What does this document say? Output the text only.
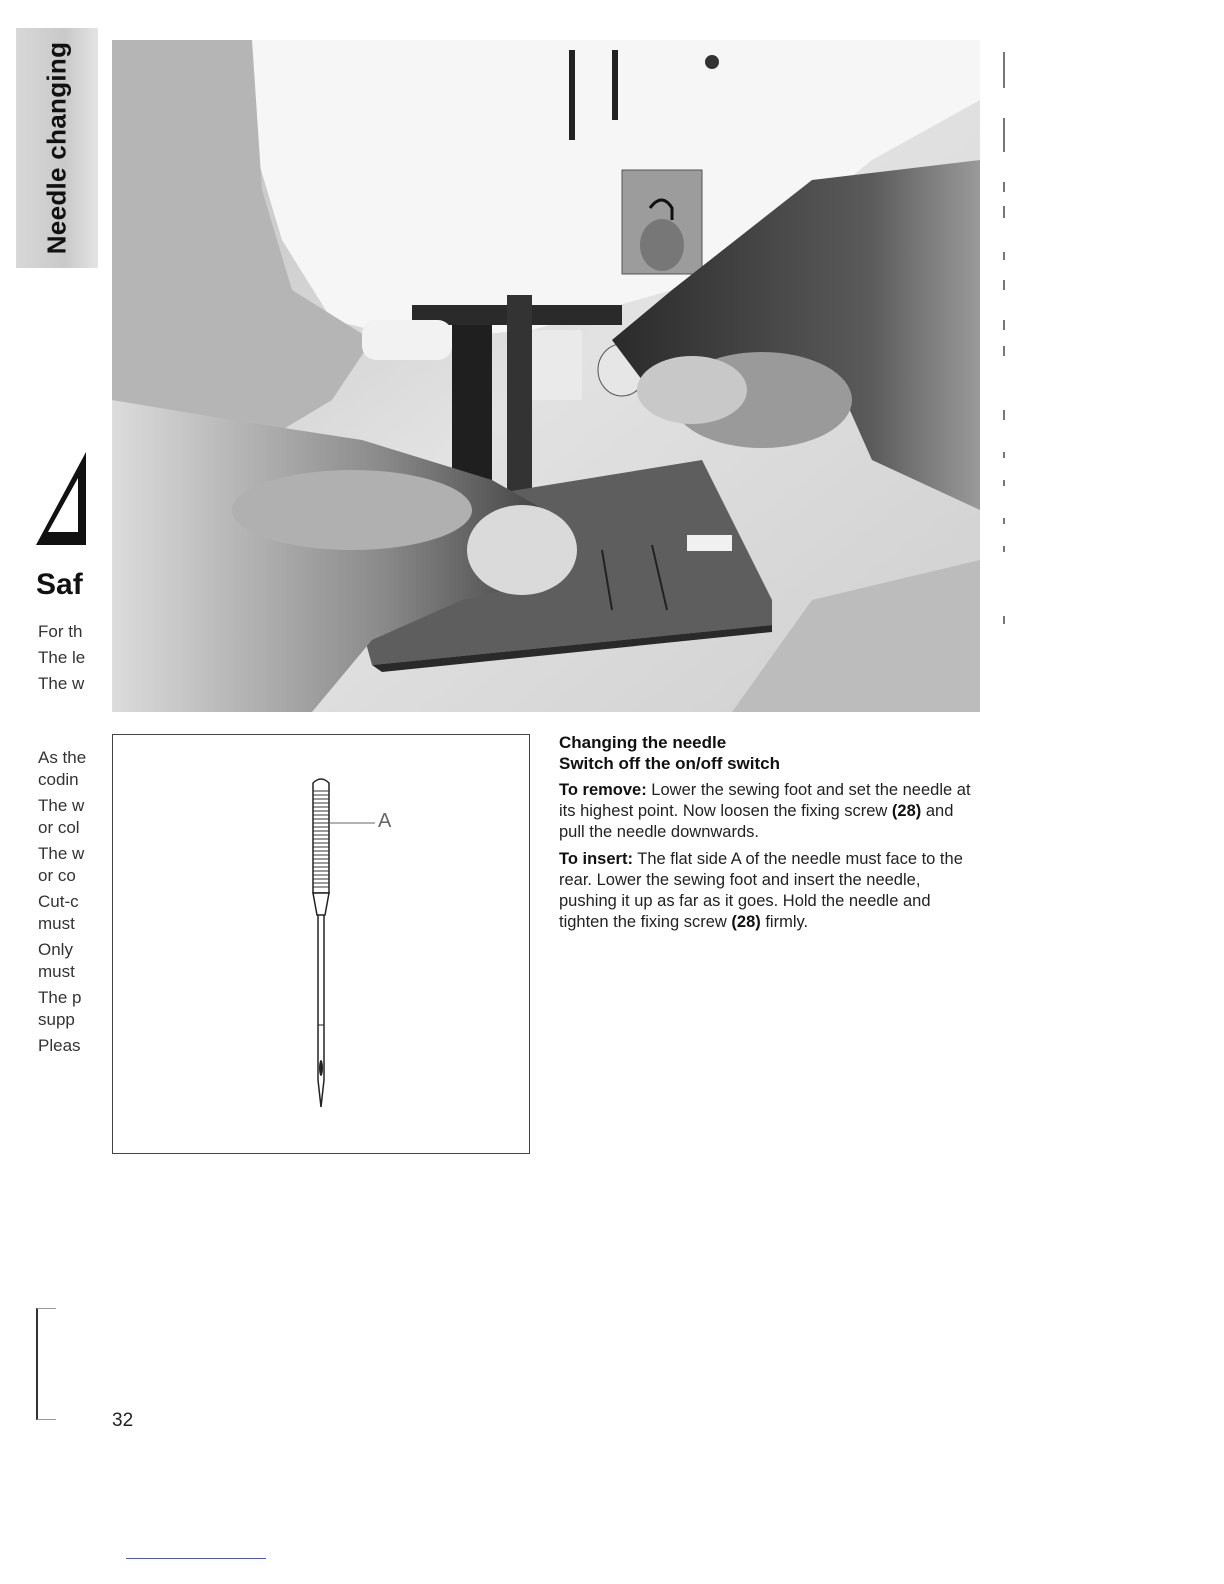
Needle changing
Saf
For th
The le
The w
As the
codin
The w
or col
The w
or co
Cut-c
must
Only
must
The p
supp
Pleas
A
Changing the needle
Switch off the on/off switch

To remove: Lower the sewing foot and set the needle at its highest point. Now loosen the fixing screw (28) and pull the needle downwards.

To insert: The flat side A of the needle must face to the rear. Lower the sewing foot and insert the needle, pushing it up as far as it goes. Hold the needle and tighten the fixing screw (28) firmly.

32
